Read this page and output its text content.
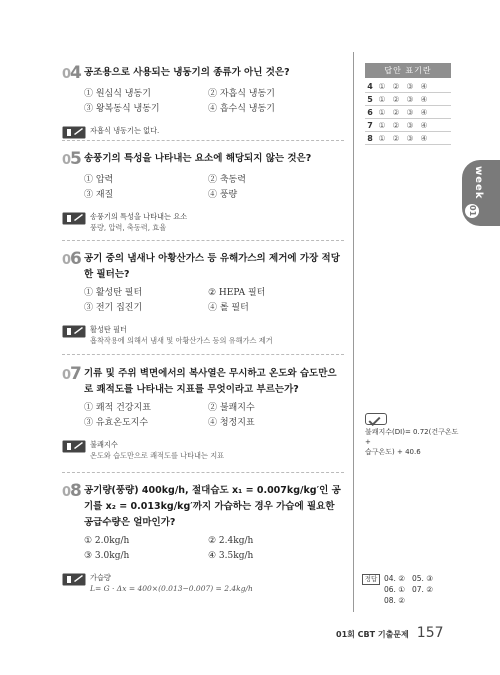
04 공조용으로 사용되는 냉동기의 종류가 아닌 것은?
① 원심식 냉동기	② 자흡식 냉동기
③ 왕복동식 냉동기	④ 흡수식 냉동기
자흡식 냉동기는 없다.
05 송풍기의 특성을 나타내는 요소에 해당되지 않는 것은?
① 압력	② 축동력
③ 재질	④ 풍량
송풍기의 특성을 나타내는 요소
풍량, 압력, 축동력, 효율
06 공기 중의 냄새나 아황산가스 등 유해가스의 제거에 가장 적당한 필터는?
① 활성탄 필터	② HEPA 필터
③ 전기 집진기	④ 롤 필터
활성탄 필터
흡착작용에 의해서 냄새 및 아황산가스 등의 유해가스 제거
07 기류 및 주위 벽면에서의 복사열은 무시하고 온도와 습도만으로 쾌적도를 나타내는 지표를 무엇이라고 부르는가?
① 쾌적 건강지표	② 불쾌지수
③ 유효온도지수	④ 청정지표
불쾌지수
온도와 습도만으로 쾌적도를 나타내는 지표
08 공기량(풍량) 400kg/h, 절대습도 x₁ = 0.007kg/kg′인 공기를 x₂ = 0.013kg/kg′까지 가습하는 경우 가습에 필요한 공급수량은 얼마인가?
① 2.0kg/h	② 2.4kg/h
③ 3.0kg/h	④ 3.5kg/h
가습량
L= G · Δx = 400×(0.013−0.007) = 2.4kg/h
답안 표기란
4 ① ② ③ ④
5 ① ② ③ ④
6 ① ② ③ ④
7 ① ② ③ ④
8 ① ② ③ ④
week
01
불쾌지수(DI)= 0.72(건구온도 +
습구온도) + 40.6
정답 04. ② 05. ③
06. ① 07. ②
08. ②
01회 CBT 기출문제 157
